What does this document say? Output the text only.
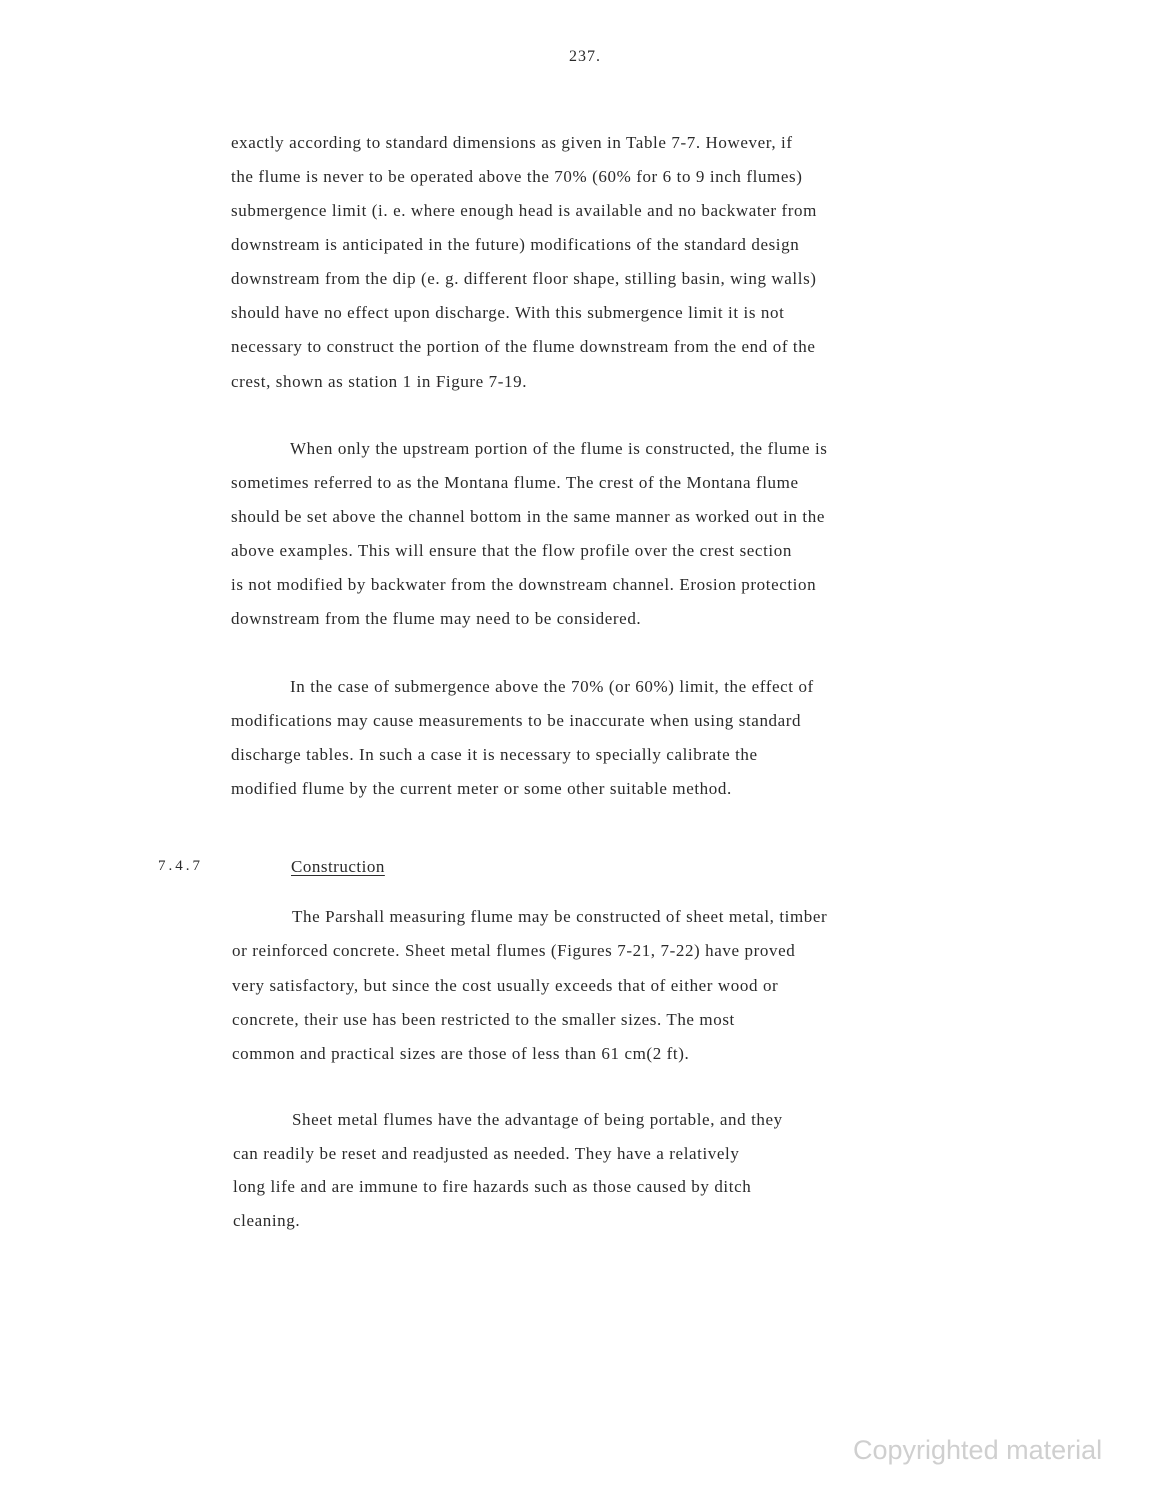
237.
exactly according to standard dimensions as given in Table 7-7. However, if
the flume is never to be operated above the 70% (60% for 6 to 9 inch flumes)
submergence limit (i. e. where enough head is available and no backwater from
downstream is anticipated in the future) modifications of the standard design
downstream from the dip (e. g. different floor shape, stilling basin, wing walls)
should have no effect upon discharge. With this submergence limit it is not
necessary to construct the portion of the flume downstream from the end of the
crest, shown as station 1 in Figure 7-19.
When only the upstream portion of the flume is constructed, the flume is
sometimes referred to as the Montana flume. The crest of the Montana flume
should be set above the channel bottom in the same manner as worked out in the
above examples. This will ensure that the flow profile over the crest section
is not modified by backwater from the downstream channel. Erosion protection
downstream from the flume may need to be considered.
In the case of submergence above the 70% (or 60%) limit, the effect of
modifications may cause measurements to be inaccurate when using standard
discharge tables. In such a case it is necessary to specially calibrate the
modified flume by the current meter or some other suitable method.
7.4.7	Construction
The Parshall measuring flume may be constructed of sheet metal, timber
or reinforced concrete. Sheet metal flumes (Figures 7-21, 7-22) have proved
very satisfactory, but since the cost usually exceeds that of either wood or
concrete, their use has been restricted to the smaller sizes. The most
common and practical sizes are those of less than 61 cm(2 ft).
Sheet metal flumes have the advantage of being portable, and they
can readily be reset and readjusted as needed. They have a relatively
long life and are immune to fire hazards such as those caused by ditch
cleaning.
Copyrighted material
